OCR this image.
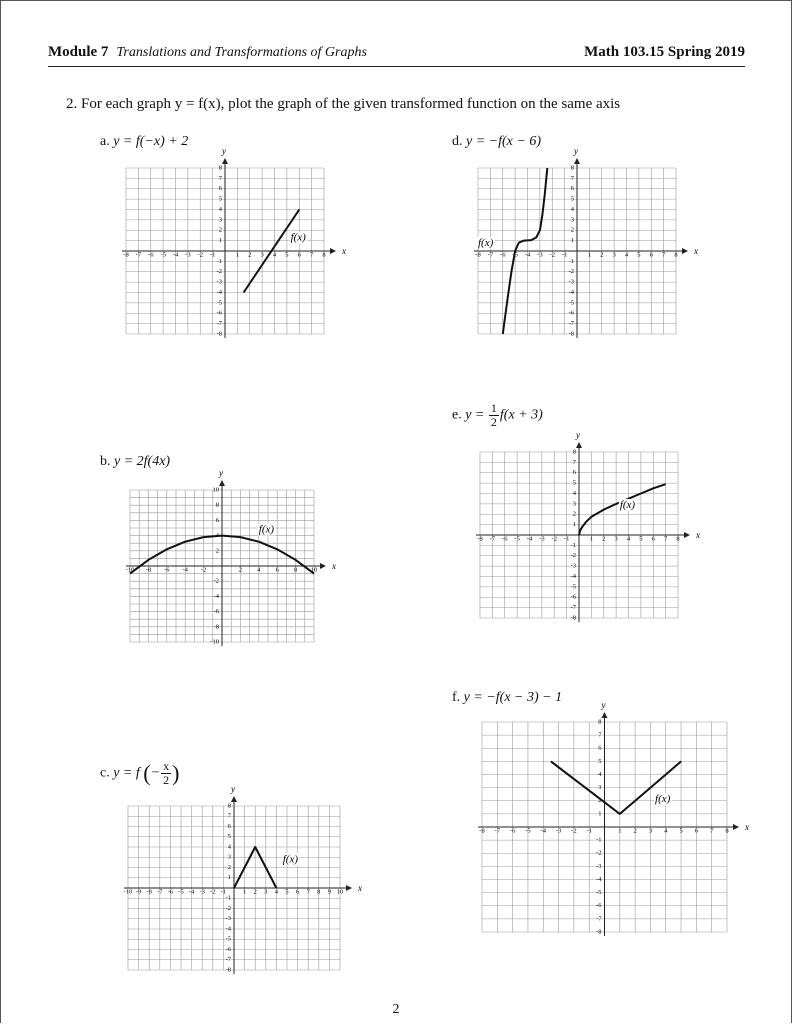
Module 7 Translations and Transformations of Graphs	Math 103.15 Spring 2019
2. For each graph y = f(x), plot the graph of the given transformed function on the same axis
a. y = f(−x) + 2	d. y = −f(x − 6)
b. y = 2f(4x)
e. $y = \frac{1}{2} f(x + 3)$
c. y = f (− $\frac{x}{2}$ )
f. y = −f(x − 3) − 1
x
y
-8 -7 -6 -5 -4 -3 -2 -1	1 2 3 4 5 6 7 8
8
7
6
5
4
3
2
1
-1
-2
-3
-4
-5
-6
-7
-8
f(x)
x
y
-8 -7 -6 -5 -4 -3 -2 -1	1 2 3 4 5 6 7 8
8
7
6
5
4
3
2
1
-1
-2
-3
-4
-5
-6
-7
-8
f(x)
x
y
-10 -8 -6 -4 -2	2 4 6 8 10
10
8
6
4
2
-2
-4
-6
-8
-10
f(x)	x
y
-8 -7 -6 -5 -4 -3 -2 -1	1 2 3 4 5 6 7 8
8
7
6
5
4
3
2
1
-1
-2
-3
-4
-5
-6
-7
-8
f(x)
x
y
-10 -9 -8 -7 -6 -5 -4 -3 -2 -1	1 2 3 4 5 6 7 8 9 10
8
7
6
5
4
3
2
1
-1
-2
-3
-4
-5
-6
-7
-8
f(x)
x
y
-8 -7 -6 -5 -4 -3 -2 -1	1 2 3 4 5 6 7 8
8
7
6
5
4
3
2
1
-1
-2
-3
-4
-5
-6
-7
-8
f(x)
2
